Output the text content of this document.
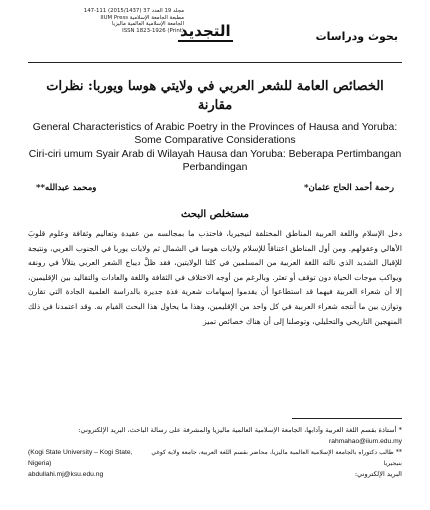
147-111 (2015/1437) 37 مجلد 19 العدد
IIUM Press مطبعة الجامعة الإسلامية
الجامعة الإسلامية العالمية ماليزيا
ISSN 1823-1926 (Print)
التجديد	بحوث ودراسات
الخصائص العامة للشعر العربي في ولايتي هوسا ويوربا: نظرات مقارنة
General Characteristics of Arabic Poetry in the Provinces of Hausa and Yoruba: Some Comparative Considerations
Ciri-ciri umum Syair Arab di Wilayah Hausa dan Yoruba: Beberapa Pertimbangan Perbandingan
رحمة أحمد الحاج عثمان*
ومحمد عبدالله**
مستخلص البحث
دخل الإسلام واللغة العربية المناطق المختلفة لنيجيريا، فاحتذب ما بمجالسه من عقيدة وتعاليم وثقافة وعلوم قلوبَ الأهالي وعقولهم. ومن أول المناطق اعتناقاً للإسلام ولايات هوسا في الشمال ثم ولايات يوربا في الجنوب الغربي، ونتيجة للإقبال الشديد الذي نالته اللغة العربية من المسلمين في كلتا الولايتين، فقد ظلَّ ديباج الشعر العربي يتلألأ في رونقه ويواكب موجات الحياة دون توقف أو تعثر. وبالرغم من أوجه الاختلاف في الثقافة واللغة والعادات والتقاليد بين الإقليمين، إلا أن شعراء العربية فيهما قد استطاعوا أن يقدموا إسهامات شعرية فذة جديرة بالدراسة العلمية الجادة التي تقارن وتوازن بين ما أنتجه شعراء العربية في كل واحد من الإقليمين، وهذا ما يحاول هذا البحث القيام به. وقد اعتمدنا في ذلك المنهجين التاريخي والتحليلي، وتوصلنا إلى أن هناك خصائص تميز
* أستاذة بقسم اللغة العربية وآدابها، الجامعة الإسلامية العالمية ماليزيا والمشرفة على رسالة الباحث، البريد الإلكتروني:
rahmahao@iium.edu.my
(Kogi State University – Kogi State, Nigeria)
** طالب دكتوراه بالجامعة الإسلامية العالمية ماليزيا، محاضر بقسم اللغة العربية، جامعة ولاية كوغي بنيجيريا
abdullahi.mj@ksu.edu.ng	البريد الإلكتروني:
